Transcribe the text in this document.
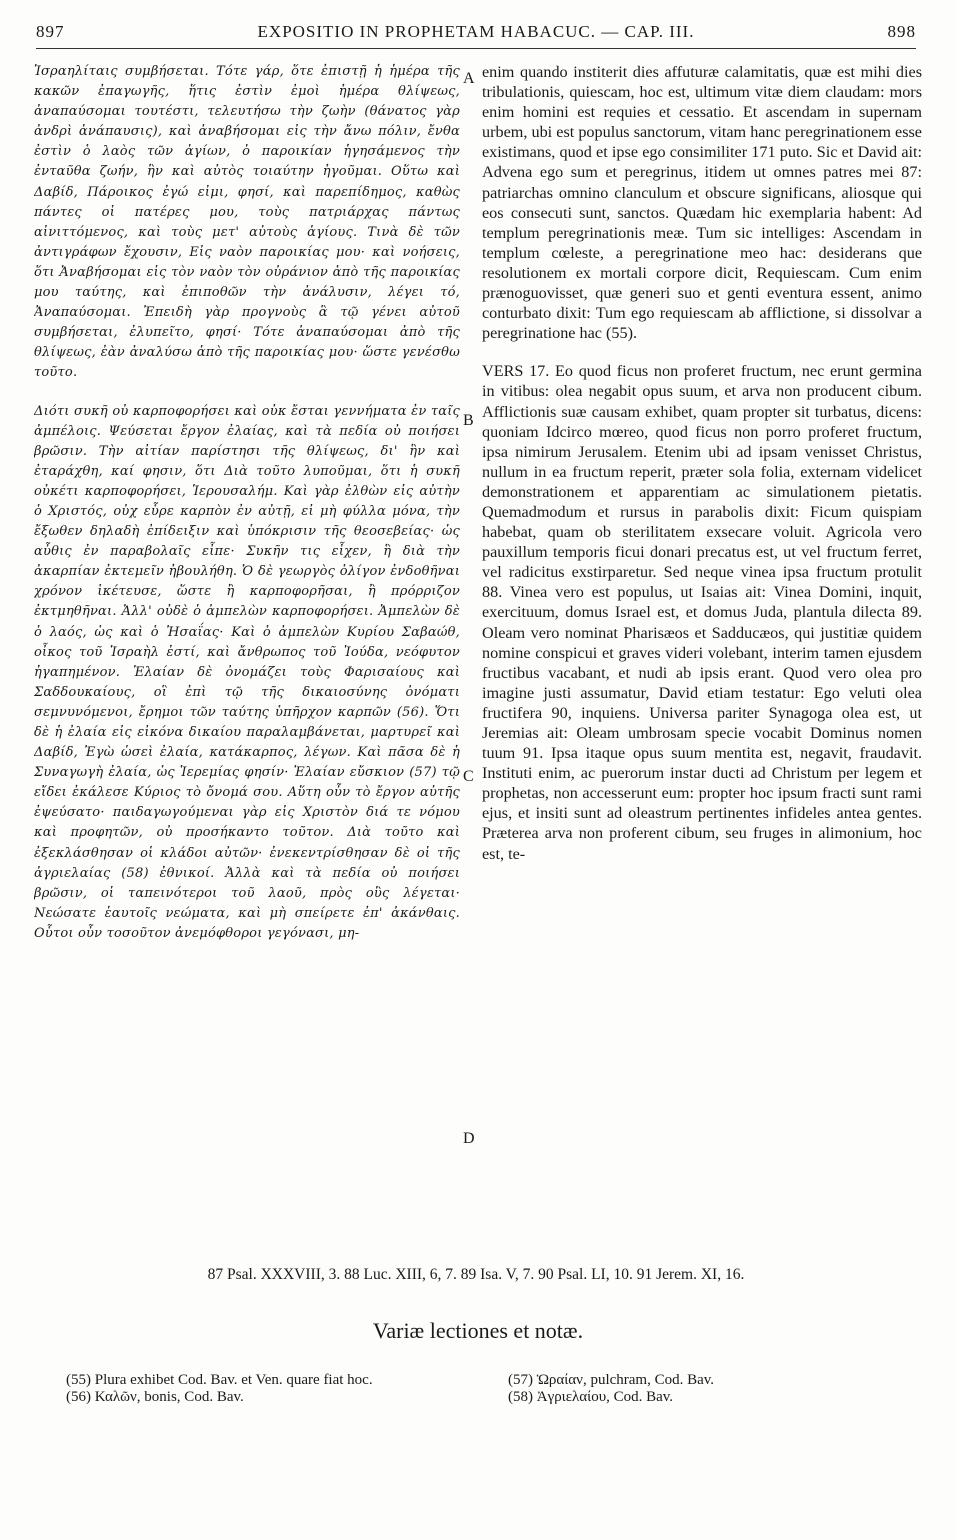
897	EXPOSITIO IN PROPHETAM HABACUC. — CAP. III.	898

Ἰσραηλίταις συμβήσεται. Τότε γάρ, ὅτε ἐπιστῇ ἡ ἡμέρα τῆς κακῶν ἐπαγωγῆς, ἥτις ἐστὶν ἐμοὶ ἡμέρα θλίψεως, ἀναπαύσομαι τουτέστι, τελευτήσω τὴν ζωὴν (θάνατος γὰρ ἀνδρὶ ἀνάπαυσις), καὶ ἀναβήσομαι εἰς τὴν ἄνω πόλιν, ἔνθα ἐστὶν ὁ λαὸς τῶν ἁγίων, ὁ παροικίαν ἡγησάμενος τὴν ἐνταῦθα ζωήν, ἣν καὶ αὐτὸς τοιαύτην ἡγοῦμαι. Οὕτω καὶ Δαβίδ, Πάροικος ἐγώ εἰμι, φησί, καὶ παρεπίδημος, καθὼς πάντες οἱ πατέρες μου, τοὺς πατριάρχας πάντως αἰνιττόμενος, καὶ τοὺς μετ' αὐτοὺς ἁγίους. Τινὰ δὲ τῶν ἀντιγράφων ἔχουσιν, Εἰς ναὸν παροικίας μου· καὶ νοήσεις, ὅτι Ἀναβήσομαι εἰς τὸν ναὸν τὸν οὐράνιον ἀπὸ τῆς παροικίας μου ταύτης, καὶ ἐπιποθῶν τὴν ἀνάλυσιν, λέγει τό, Ἀναπαύσομαι. Ἐπειδὴ γὰρ προγνοὺς ἃ τῷ γένει αὐτοῦ συμβήσεται, ἐλυπεῖτο, φησί· Τότε ἀναπαύσομαι ἀπὸ τῆς θλίψεως, ἐὰν ἀναλύσω ἀπὸ τῆς παροικίας μου· ὥστε γενέσθω τοῦτο.

Διότι συκῆ οὐ καρποφορήσει καὶ οὐκ ἔσται γεννήματα ἐν ταῖς ἀμπέλοις. Ψεύσεται ἔργον ἐλαίας, καὶ τὰ πεδία οὐ ποιήσει βρῶσιν. Τὴν αἰτίαν παρίστησι τῆς θλίψεως, δι' ἣν καὶ ἐταράχθη, καί φησιν, ὅτι Διὰ τοῦτο λυποῦμαι, ὅτι ἡ συκῆ οὐκέτι καρποφορήσει, Ἱερουσαλήμ. Καὶ γὰρ ἐλθὼν εἰς αὐτὴν ὁ Χριστός, οὐχ εὗρε καρπὸν ἐν αὐτῇ, εἰ μὴ φύλλα μόνα, τὴν ἔξωθεν δηλαδὴ ἐπίδειξιν καὶ ὑπόκρισιν τῆς θεοσεβείας· ὡς αὖθις ἐν παραβολαῖς εἶπε· Συκῆν τις εἶχεν, ἣ διὰ τὴν ἀκαρπίαν ἐκτεμεῖν ἠβουλήθη. Ὁ δὲ γεωργὸς ὀλίγον ἐνδοθῆναι χρόνον ἱκέτευσε, ὥστε ἢ καρποφορῆσαι, ἢ πρόρριζον ἐκτμηθῆναι. Ἀλλ' οὐδὲ ὁ ἀμπελὼν καρποφορήσει. Ἀμπελὼν δὲ ὁ λαός, ὡς καὶ ὁ Ἠσαΐας· Καὶ ὁ ἀμπελὼν Κυρίου Σαβαώθ, οἶκος τοῦ Ἰσραὴλ ἐστί, καὶ ἄνθρωπος τοῦ Ἰούδα, νεόφυτον ἠγαπημένον. Ἐλαίαν δὲ ὀνομάζει τοὺς Φαρισαίους καὶ Σαδδουκαίους, οἳ ἐπὶ τῷ τῆς δικαιοσύνης ὀνόματι σεμνυνόμενοι, ἔρημοι τῶν ταύτης ὑπῆρχον καρπῶν (56). Ὅτι δὲ ἡ ἐλαία εἰς εἰκόνα δικαίου παραλαμβάνεται, μαρτυρεῖ καὶ Δαβίδ, Ἐγὼ ὡσεὶ ἐλαία, κατάκαρπος, λέγων. Καὶ πᾶσα δὲ ἡ Συναγωγὴ ἐλαία, ὡς Ἱερεμίας φησίν· Ἐλαίαν εὔσκιον (57) τῷ εἴδει ἐκάλεσε Κύριος τὸ ὄνομά σου. Αὕτη οὖν τὸ ἔργον αὐτῆς ἐψεύσατο· παιδαγωγούμεναι γὰρ εἰς Χριστὸν διά τε νόμου καὶ προφητῶν, οὐ προσήκαντο τοῦτον. Διὰ τοῦτο καὶ ἐξεκλάσθησαν οἱ κλάδοι αὐτῶν· ἐνεκεντρίσθησαν δὲ οἱ τῆς ἀγριελαίας (58) ἐθνικοί. Ἀλλὰ καὶ τὰ πεδία οὐ ποιήσει βρῶσιν, οἱ ταπεινότεροι τοῦ λαοῦ, πρὸς οὓς λέγεται· Νεώσατε ἑαυτοῖς νεώματα, καὶ μὴ σπείρετε ἐπ' ἀκάνθαις. Οὗτοι οὖν τοσοῦτον ἀνεμόφθοροι γεγόνασι, μη-

A
B
C
D

enim quando institerit dies affuturæ calamitatis, quæ est mihi dies tribulationis, quiescam, hoc est, ultimum vitæ diem claudam: mors enim homini est requies et cessatio. Et ascendam in supernam urbem, ubi est populus sanctorum, vitam hanc peregrinationem esse existimans, quod et ipse ego consimiliter 171 puto. Sic et David ait: Advena ego sum et peregrinus, itidem ut omnes patres mei 87: patriarchas omnino clanculum et obscure significans, aliosque qui eos consecuti sunt, sanctos. Quædam hic exemplaria habent: Ad templum peregrinationis meæ. Tum sic intelliges: Ascendam in templum cœleste, a peregrinatione meo hac: desiderans que resolutionem ex mortali corpore dicit, Requiescam. Cum enim prænoguovisset, quæ generi suo et genti eventura essent, animo conturbato dixit: Tum ego requiescam ab afflictione, si dissolvar a peregrinatione hac (55).

VERS 17. Eo quod ficus non proferet fructum, nec erunt germina in vitibus: olea negabit opus suum, et arva non producent cibum. Afflictionis suæ causam exhibet, quam propter sit turbatus, dicens: quoniam Idcirco mœreo, quod ficus non porro proferet fructum, ipsa nimirum Jerusalem. Etenim ubi ad ipsam venisset Christus, nullum in ea fructum reperit, præter sola folia, externam videlicet demonstrationem et apparentiam ac simulationem pietatis. Quemadmodum et rursus in parabolis dixit: Ficum quispiam habebat, quam ob sterilitatem exsecare voluit. Agricola vero pauxillum temporis ficui donari precatus est, ut vel fructum ferret, vel radicitus exstirparetur. Sed neque vinea ipsa fructum protulit 88. Vinea vero est populus, ut Isaias ait: Vinea Domini, inquit, exercituum, domus Israel est, et domus Juda, plantula dilecta 89. Oleam vero nominat Pharisæos et Sadducæos, qui justitiæ quidem nomine conspicui et graves videri volebant, interim tamen ejusdem fructibus vacabant, et nudi ab ipsis erant. Quod vero olea pro imagine justi assumatur, David etiam testatur: Ego veluti olea fructifera 90, inquiens. Universa pariter Synagoga olea est, ut Jeremias ait: Oleam umbrosam specie vocabit Dominus nomen tuum 91. Ipsa itaque opus suum mentita est, negavit, fraudavit. Instituti enim, ac puerorum instar ducti ad Christum per legem et prophetas, non accesserunt eum: propter hoc ipsum fracti sunt rami ejus, et insiti sunt ad oleastrum pertinentes infideles antea gentes. Præterea arva non proferent cibum, seu fruges in alimonium, hoc est, te-

87 Psal. XXXVIII, 3. 88 Luc. XIII, 6, 7. 89 Isa. V, 7. 90 Psal. LI, 10. 91 Jerem. XI, 16.
Variæ lectiones et notæ.
(55) Plura exhibet Cod. Bav. et Ven. quare fiat hoc.
(56) Καλῶν, bonis, Cod. Bav.
(57) Ὡραίαν, pulchram, Cod. Bav.
(58) Ἀγριελαίου, Cod. Bav.
